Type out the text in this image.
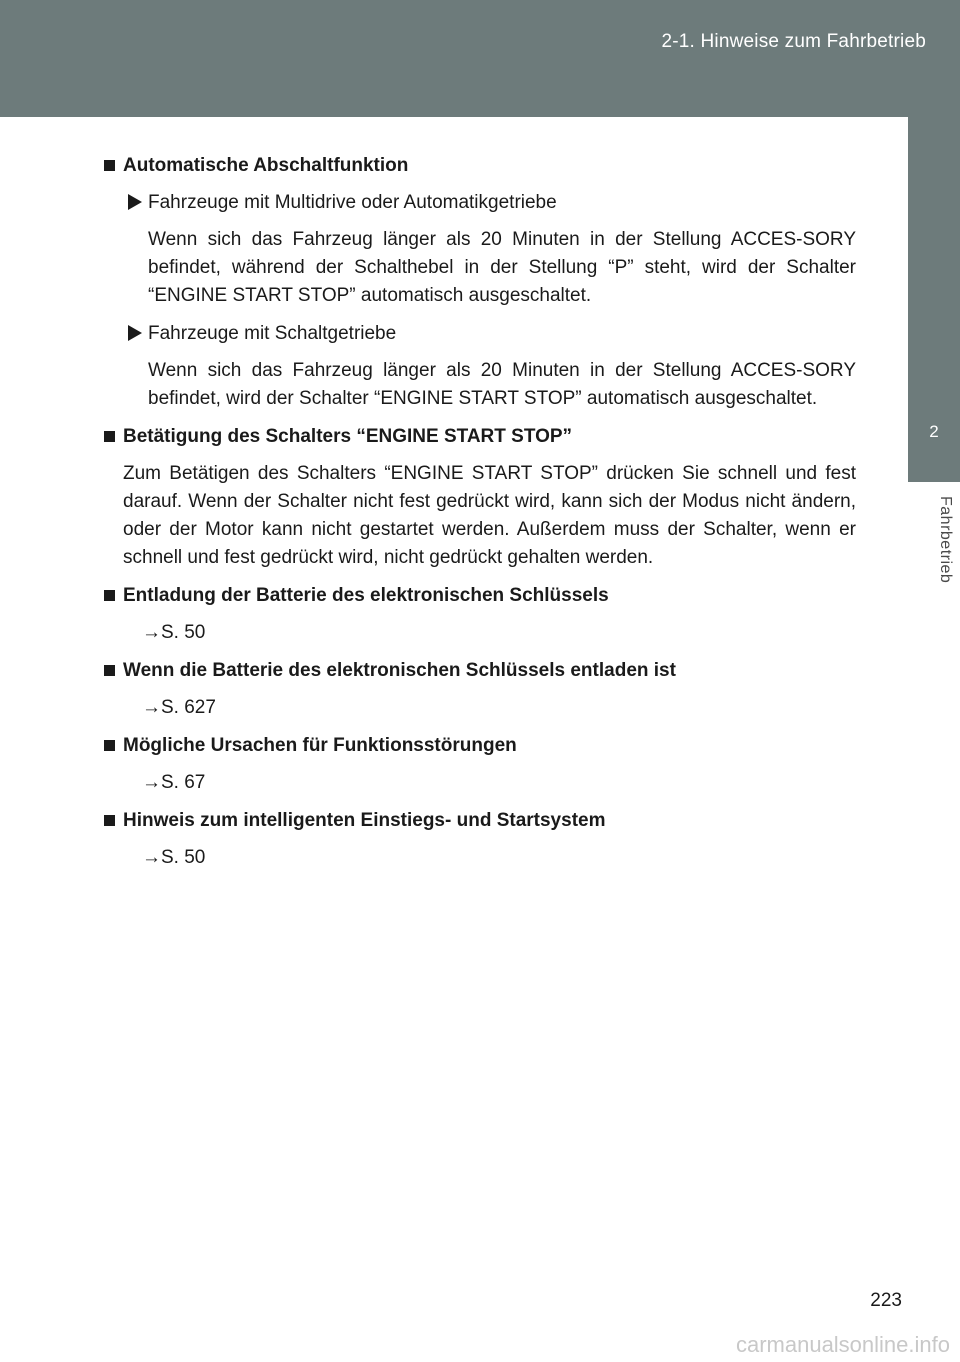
2-1. Hinweise zum Fahrbetrieb
2
Fahrbetrieb
Automatische Abschaltfunktion
Fahrzeuge mit Multidrive oder Automatikgetriebe
Wenn sich das Fahrzeug länger als 20 Minuten in der Stellung ACCES-SORY befindet, während der Schalthebel in der Stellung “P” steht, wird der Schalter “ENGINE START STOP” automatisch ausgeschaltet.
Fahrzeuge mit Schaltgetriebe
Wenn sich das Fahrzeug länger als 20 Minuten in der Stellung ACCES-SORY befindet, wird der Schalter “ENGINE START STOP” automatisch ausgeschaltet.
Betätigung des Schalters “ENGINE START STOP”
Zum Betätigen des Schalters “ENGINE START STOP” drücken Sie schnell und fest darauf. Wenn der Schalter nicht fest gedrückt wird, kann sich der Modus nicht ändern, oder der Motor kann nicht gestartet werden. Außerdem muss der Schalter, wenn er schnell und fest gedrückt wird, nicht gedrückt gehalten werden.
Entladung der Batterie des elektronischen Schlüssels
→S. 50
Wenn die Batterie des elektronischen Schlüssels entladen ist
→S. 627
Mögliche Ursachen für Funktionsstörungen
→S. 67
Hinweis zum intelligenten Einstiegs- und Startsystem
→S. 50
223
carmanualsonline.info
